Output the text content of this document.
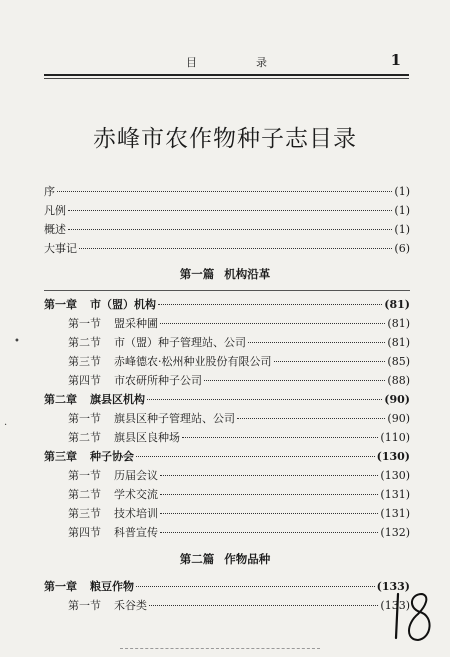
目　录	1
赤峰市农作物种子志目录
序	(1)
凡例	(1)
概述	(1)
大事记	(6)
第一篇 机构沿革
第一章	市（盟）机构	(81)
第一节	盟采种圃	(81)
第二节	市（盟）种子管理站、公司	(81)
第三节	赤峰德农·松州种业股份有限公司	(85)
第四节	市农研所种子公司	(88)
第二章	旗县区机构	(90)
第一节	旗县区种子管理站、公司	(90)
第二节	旗县区良种场	(110)
第三章	种子协会	(130)
第一节	历届会议	(130)
第二节	学术交流	(131)
第三节	技术培训	(131)
第四节	科普宣传	(132)
第二篇 作物品种
第一章	粮豆作物	(133)
第一节	禾谷类	(133)
•
·
